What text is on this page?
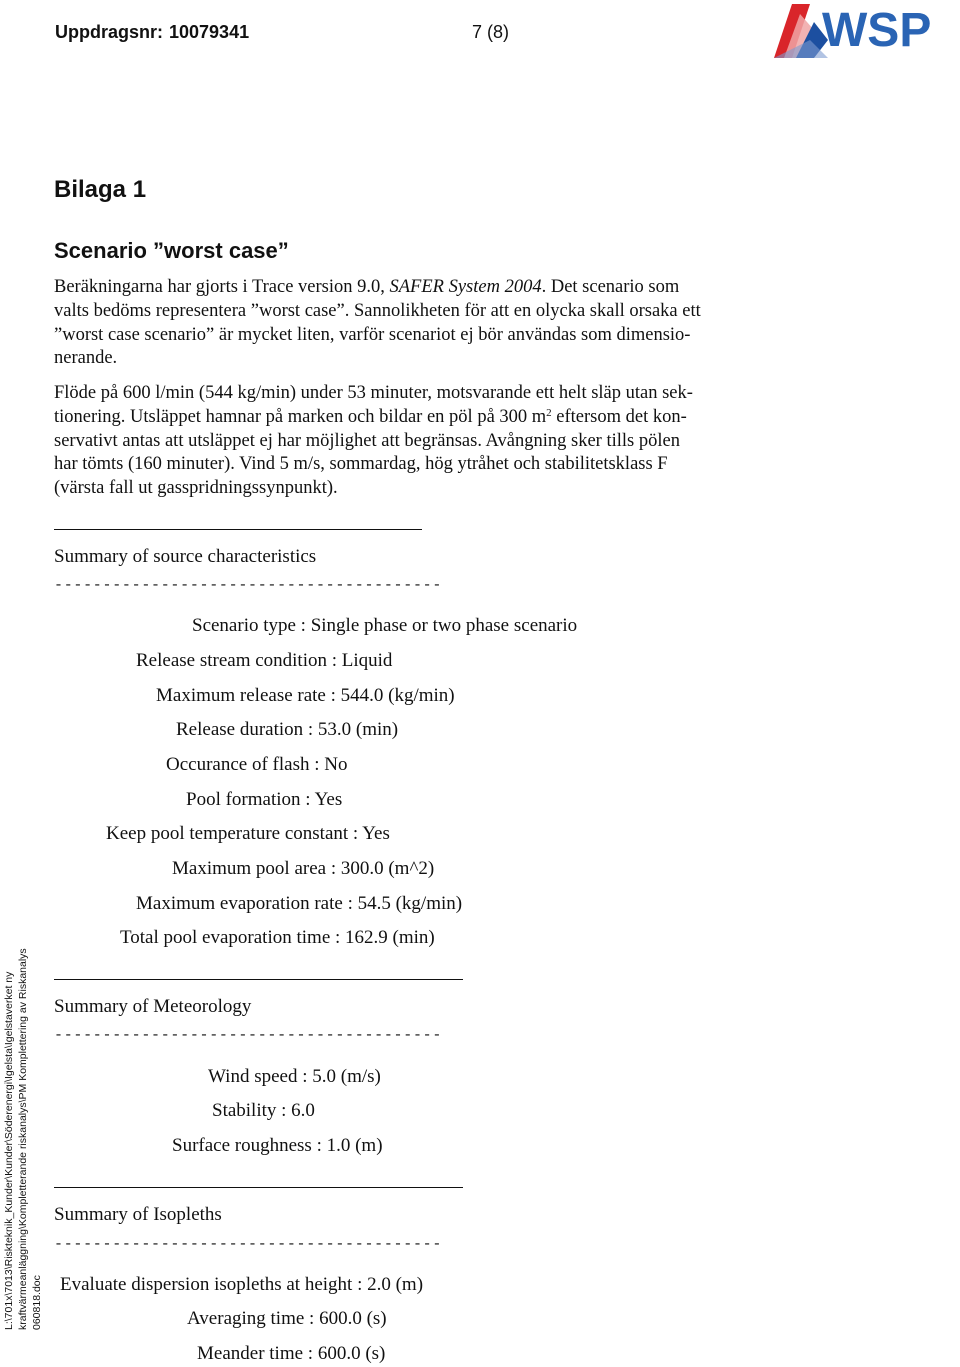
Uppdragsnr: 10079341	7 (8)	WSP
Bilaga 1
Scenario ”worst case”
Beräkningarna har gjorts i Trace version 9.0, SAFER System 2004. Det scenario som
valts bedöms representera ”worst case”. Sannolikheten för att en olycka skall orsaka ett
”worst case scenario” är mycket liten, varför scenariot ej bör användas som dimensio-
nerande.
Flöde på 600 l/min (544 kg/min) under 53 minuter, motsvarande ett helt släp utan sek-
tionering. Utsläppet hamnar på marken och bildar en pöl på 300 $m^2$ eftersom det kon-
servativt antas att utsläppet ej har möjlighet att begränsas. Avångning sker tills pölen
har tömts (160 minuter). Vind 5 m/s, sommardag, hög ytråhet och stabilitetsklass F
(värsta fall ut gasspridningssynpunkt).
Summary of source characteristics
----------------------------------------
Scenario type : Single phase or two phase scenario
Release stream condition : Liquid
Maximum release rate : 544.0 (kg/min)
Release duration : 53.0 (min)
Occurance of flash : No
Pool formation : Yes
Keep pool temperature constant : Yes
Maximum pool area : 300.0 (m^2)
Maximum evaporation rate : 54.5 (kg/min)
Total pool evaporation time : 162.9 (min)
Summary of Meteorology
----------------------------------------
Wind speed : 5.0 (m/s)
Stability : 6.0
Surface roughness : 1.0 (m)
Summary of Isopleths
----------------------------------------
Evaluate dispersion isopleths at height : 2.0 (m)
Averaging time : 600.0 (s)
Meander time : 600.0 (s)
L:\701x\7013\Riskteknik_Kunder\Kunder\Söderenergi\Igelsta\Igelstaverket ny kraftvärmeanläggning\Kompletterande riskanalys\PM Komplettering av Riskanalys 060818.doc
